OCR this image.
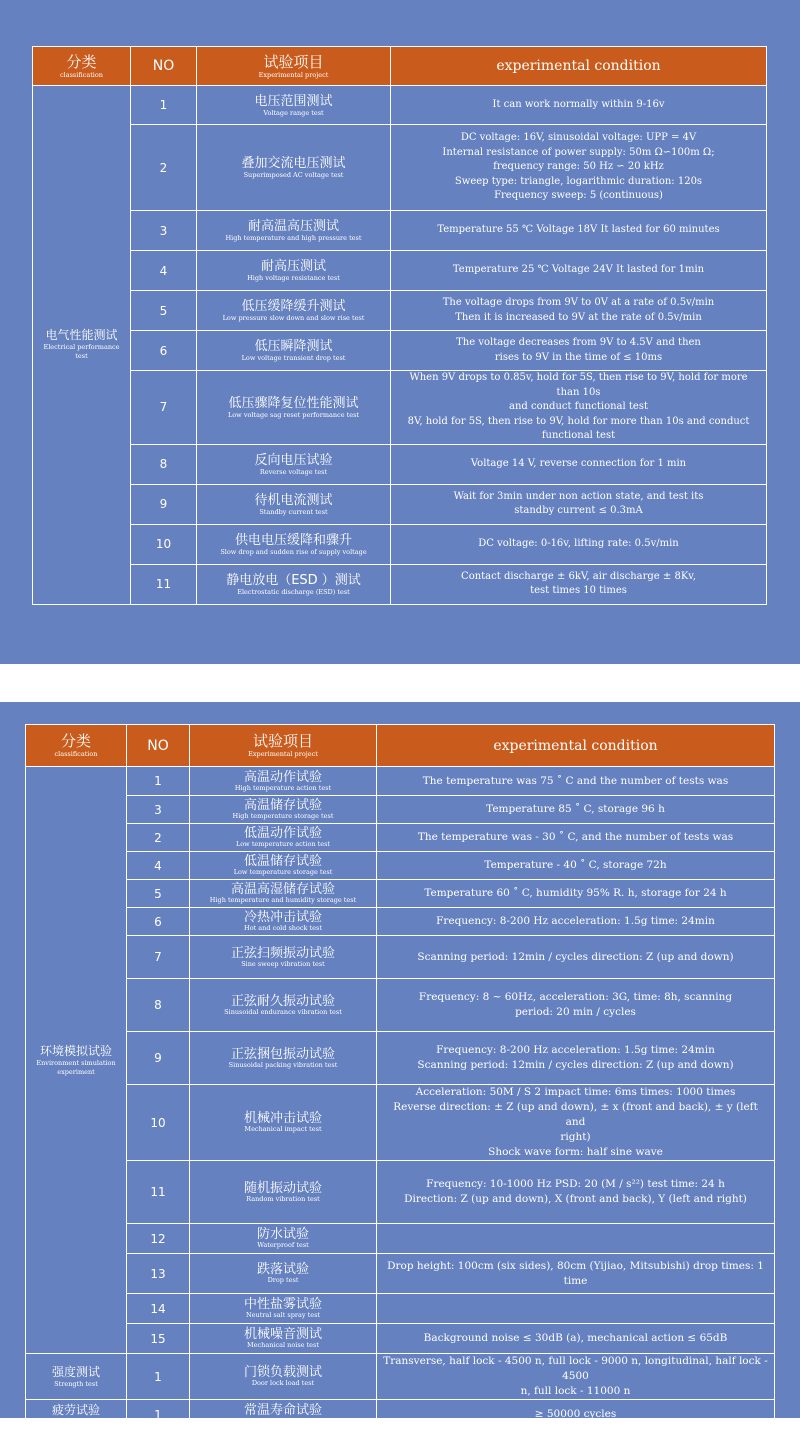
分类
classification	NO	试验项目
Experimental project	experimental condition

电气性能测试
Electrical performance test	1	电压范围测试
Voltage range test	It can work normally within 9-16v

	2	叠加交流电压测试
Superimposed AC voltage test	DC voltage: 16V, sinusoidal voltage: UPP = 4V
Internal resistance of power supply: 50m Ω∽100m Ω;
frequency range: 50 Hz ∽ 20 kHz
Sweep type: triangle, logarithmic duration: 120s
Frequency sweep: 5 (continuous)

	3	耐高温高压测试
High temperature and high pressure test	Temperature 55 ℃ Voltage 18V It lasted for 60 minutes

	4	耐高压测试
High voltage resistance test	Temperature 25 ℃ Voltage 24V It lasted for 1min

	5	低压缓降缓升测试
Low pressure slow down and slow rise test	The voltage drops from 9V to 0V at a rate of 0.5v/min
Then it is increased to 9V at the rate of 0.5v/min

	6	低压瞬降测试
Low voltage transient drop test	The voltage decreases from 9V to 4.5V and then
rises to 9V in the time of ≤ 10ms

	7	低压骤降复位性能测试
Low voltage sag reset performance test	When 9V drops to 0.85v, hold for 5S, then rise to 9V, hold for more than 10s
and conduct functional test
8V, hold for 5S, then rise to 9V, hold for more than 10s and conduct
functional test

	8	反向电压试验
Reverse voltage test	Voltage 14 V, reverse connection for 1 min

	9	待机电流测试
Standby current test	Wait for 3min under non action state, and test its
standby current ≤ 0.3mA

	10	供电电压缓降和骤升
Slow drop and sudden rise of supply voltage	DC voltage: 0-16v, lifting rate: 0.5v/min

	11	静电放电（ESD ）测试
Electrostatic discharge (ESD) test	Contact discharge ± 6kV, air discharge ± 8Kv,
test times 10 times
分类
classification	NO	试验项目
Experimental project	experimental condition

环境模拟试验
Environment simulation experiment	1	高温动作试验
High temperature action test	The temperature was 75 ˚ C and the number of tests was

	3	高温储存试验
High temperature storage test	Temperature 85 ˚ C, storage 96 h

	2	低温动作试验
Low temperature action test	The temperature was - 30 ˚ C, and the number of tests was

	4	低温储存试验
Low temperature storage test	Temperature - 40 ˚ C, storage 72h

	5	高温高湿储存试验
High temperature and humidity storage test	Temperature 60 ˚ C, humidity 95% R. h, storage for 24 h

	6	冷热冲击试验
Hot and cold shock test	Frequency: 8-200 Hz acceleration: 1.5g time: 24min

	7	正弦扫频振动试验
Sine sweep vibration test	Scanning period: 12min / cycles direction: Z (up and down)

	8	正弦耐久振动试验
Sinusoidal endurance vibration test	Frequency: 8 ~ 60Hz, acceleration: 3G, time: 8h, scanning
period: 20 min / cycles

	9	正弦捆包振动试验
Sinusoidal packing vibration test	Frequency: 8-200 Hz acceleration: 1.5g time: 24min
Scanning period: 12min / cycles direction: Z (up and down)

	10	机械冲击试验
Mechanical impact test	Acceleration: 50M / S 2 impact time: 6ms times: 1000 times
Reverse direction: ± Z (up and down), ± x (front and back), ± y (left and
right)
Shock wave form: half sine wave

	11	随机振动试验
Random vibration test	Frequency: 10-1000 Hz PSD: 20 (M / s²²) test time: 24 h
Direction: Z (up and down), X (front and back), Y (left and right)

	12	防水试验
Waterproof test	

	13	跌落试验
Drop test	Drop height: 100cm (six sides), 80cm (Yijiao, Mitsubishi) drop times: 1 time

	14	中性盐雾试验
Neutral salt spray test	

	15	机械噪音测试
Mechanical noise test	Background noise ≤ 30dB (a), mechanical action ≤ 65dB

强度测试
Strength test	1	门锁负载测试
Door lock load test	Transverse, half lock - 4500 n, full lock - 9000 n, longitudinal, half lock - 4500
n, full lock - 11000 n

疲劳试验
fatigue test	1	常温寿命试验
Normal temperature life test	≥ 50000 cycles
